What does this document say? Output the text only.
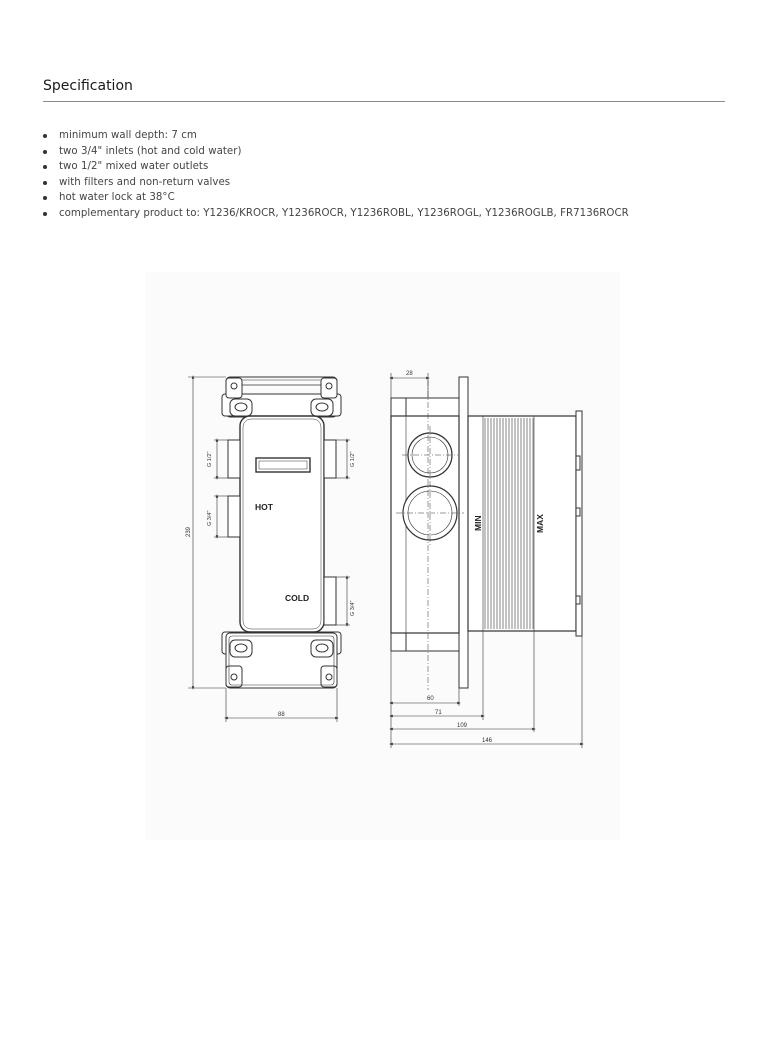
Specification
minimum wall depth: 7 cm
two 3/4" inlets (hot and cold water)
two 1/2" mixed water outlets
with filters and non-return valves
hot water lock at 38°C
complementary product to: Y1236/KROCR, Y1236ROCR, Y1236ROBL, Y1236ROGL, Y1236ROGLB, FR7136ROCR
HOT
COLD
239
88
G 1/2"	G 1/2"
G 3/4"
G 3/4"
MIN	MAX
28
60
71
109
146
